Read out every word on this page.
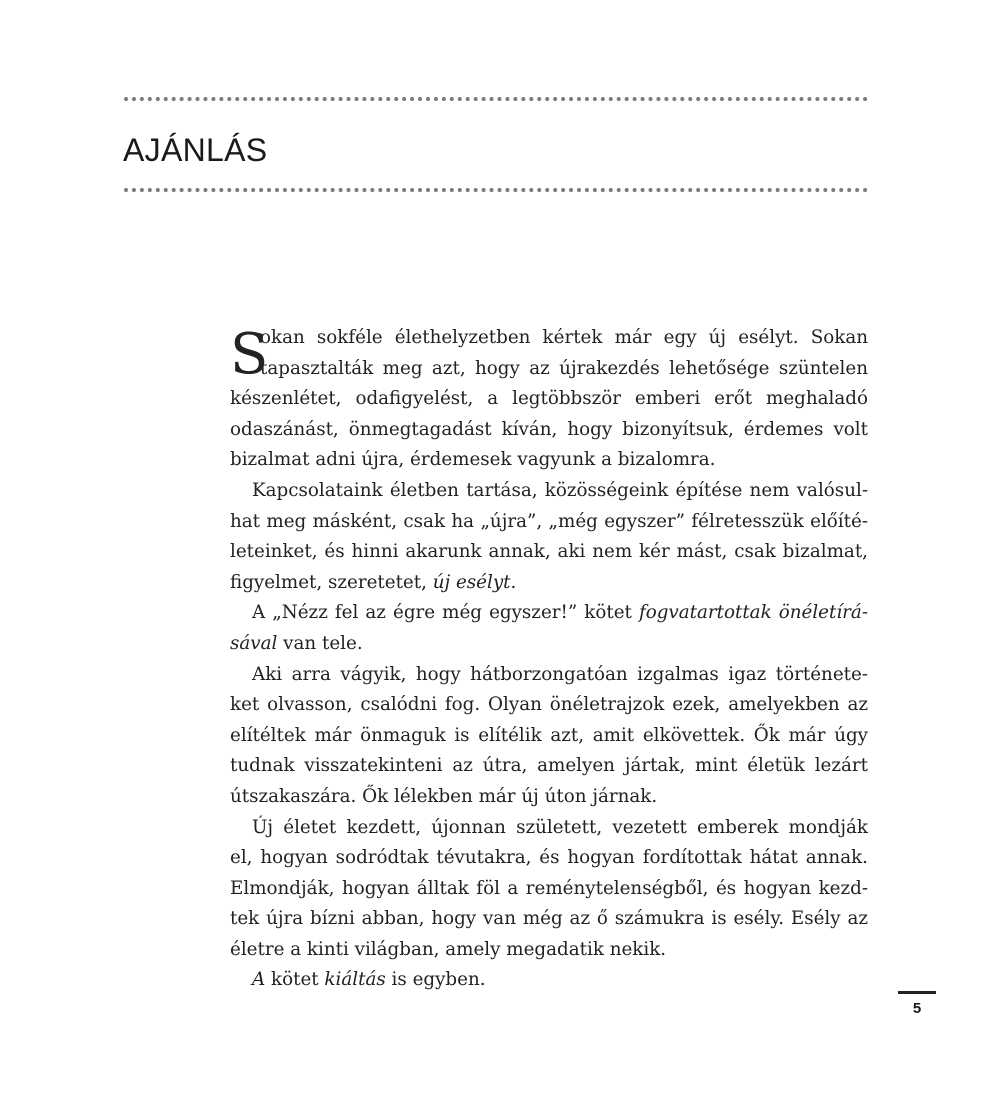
AJÁNLÁS
S
okan sokféle élethelyzetben kértek már egy új esélyt. Sokan
tapasztalták meg azt, hogy az újrakezdés lehetősége szüntelen
készenlétet, odafigyelést, a legtöbbször emberi erőt meghaladó
odaszánást, önmegtagadást kíván, hogy bizonyítsuk, érdemes volt
bizalmat adni újra, érdemesek vagyunk a bizalomra.
Kapcsolataink életben tartása, közösségeink építése nem valósul-
hat meg másként, csak ha „újra”, „még egyszer” félretesszük előíté-
leteinket, és hinni akarunk annak, aki nem kér mást, csak bizalmat,
figyelmet, szeretetet, új esélyt.
A „Nézz fel az égre még egyszer!” kötet fogvatartottak önéletírá-
sával van tele.
Aki arra vágyik, hogy hátborzongatóan izgalmas igaz története-
ket olvasson, csalódni fog. Olyan önéletrajzok ezek, amelyekben az
elítéltek már önmaguk is elítélik azt, amit elkövettek. Ők már úgy
tudnak visszatekinteni az útra, amelyen jártak, mint életük lezárt
útszakaszára. Ők lélekben már új úton járnak.
Új életet kezdett, újonnan született, vezetett emberek mondják
el, hogyan sodródtak tévutakra, és hogyan fordítottak hátat annak.
Elmondják, hogyan álltak föl a reménytelenségből, és hogyan kezd-
tek újra bízni abban, hogy van még az ő számukra is esély. Esély az
életre a kinti világban, amely megadatik nekik.
A kötet kiáltás is egyben.
5
